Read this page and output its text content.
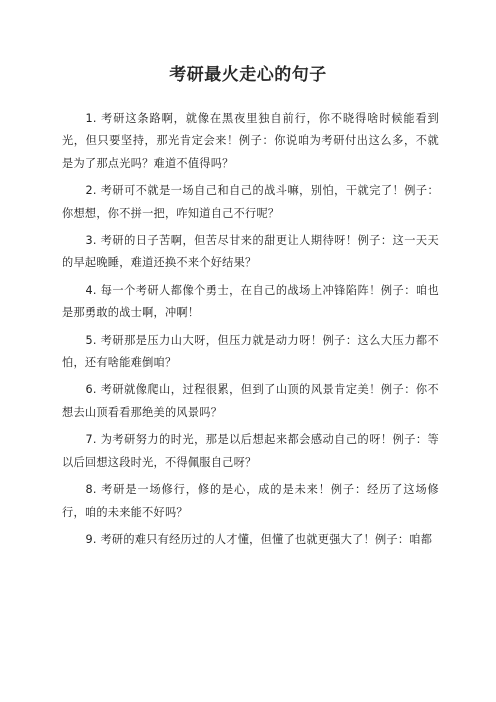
考研最火走心的句子

1. 考研这条路啊，就像在黑夜里独自前行，你不晓得啥时候能看到光，但只要坚持，那光肯定会来！例子：你说咱为考研付出这么多，不就是为了那点光吗？难道不值得吗？

2. 考研可不就是一场自己和自己的战斗嘛，别怕，干就完了！例子：你想想，你不拼一把，咋知道自己不行呢？

3. 考研的日子苦啊，但苦尽甘来的甜更让人期待呀！例子：这一天天的早起晚睡，难道还换不来个好结果？

4. 每一个考研人都像个勇士，在自己的战场上冲锋陷阵！例子：咱也是那勇敢的战士啊，冲啊！

5. 考研那是压力山大呀，但压力就是动力呀！例子：这么大压力都不怕，还有啥能难倒咱？

6. 考研就像爬山，过程很累，但到了山顶的风景肯定美！例子：你不想去山顶看看那绝美的风景吗？

7. 为考研努力的时光，那是以后想起来都会感动自己的呀！例子：等以后回想这段时光，不得佩服自己呀？

8. 考研是一场修行，修的是心，成的是未来！例子：经历了这场修行，咱的未来能不好吗？

9. 考研的难只有经历过的人才懂，但懂了也就更强大了！例子：咱都
